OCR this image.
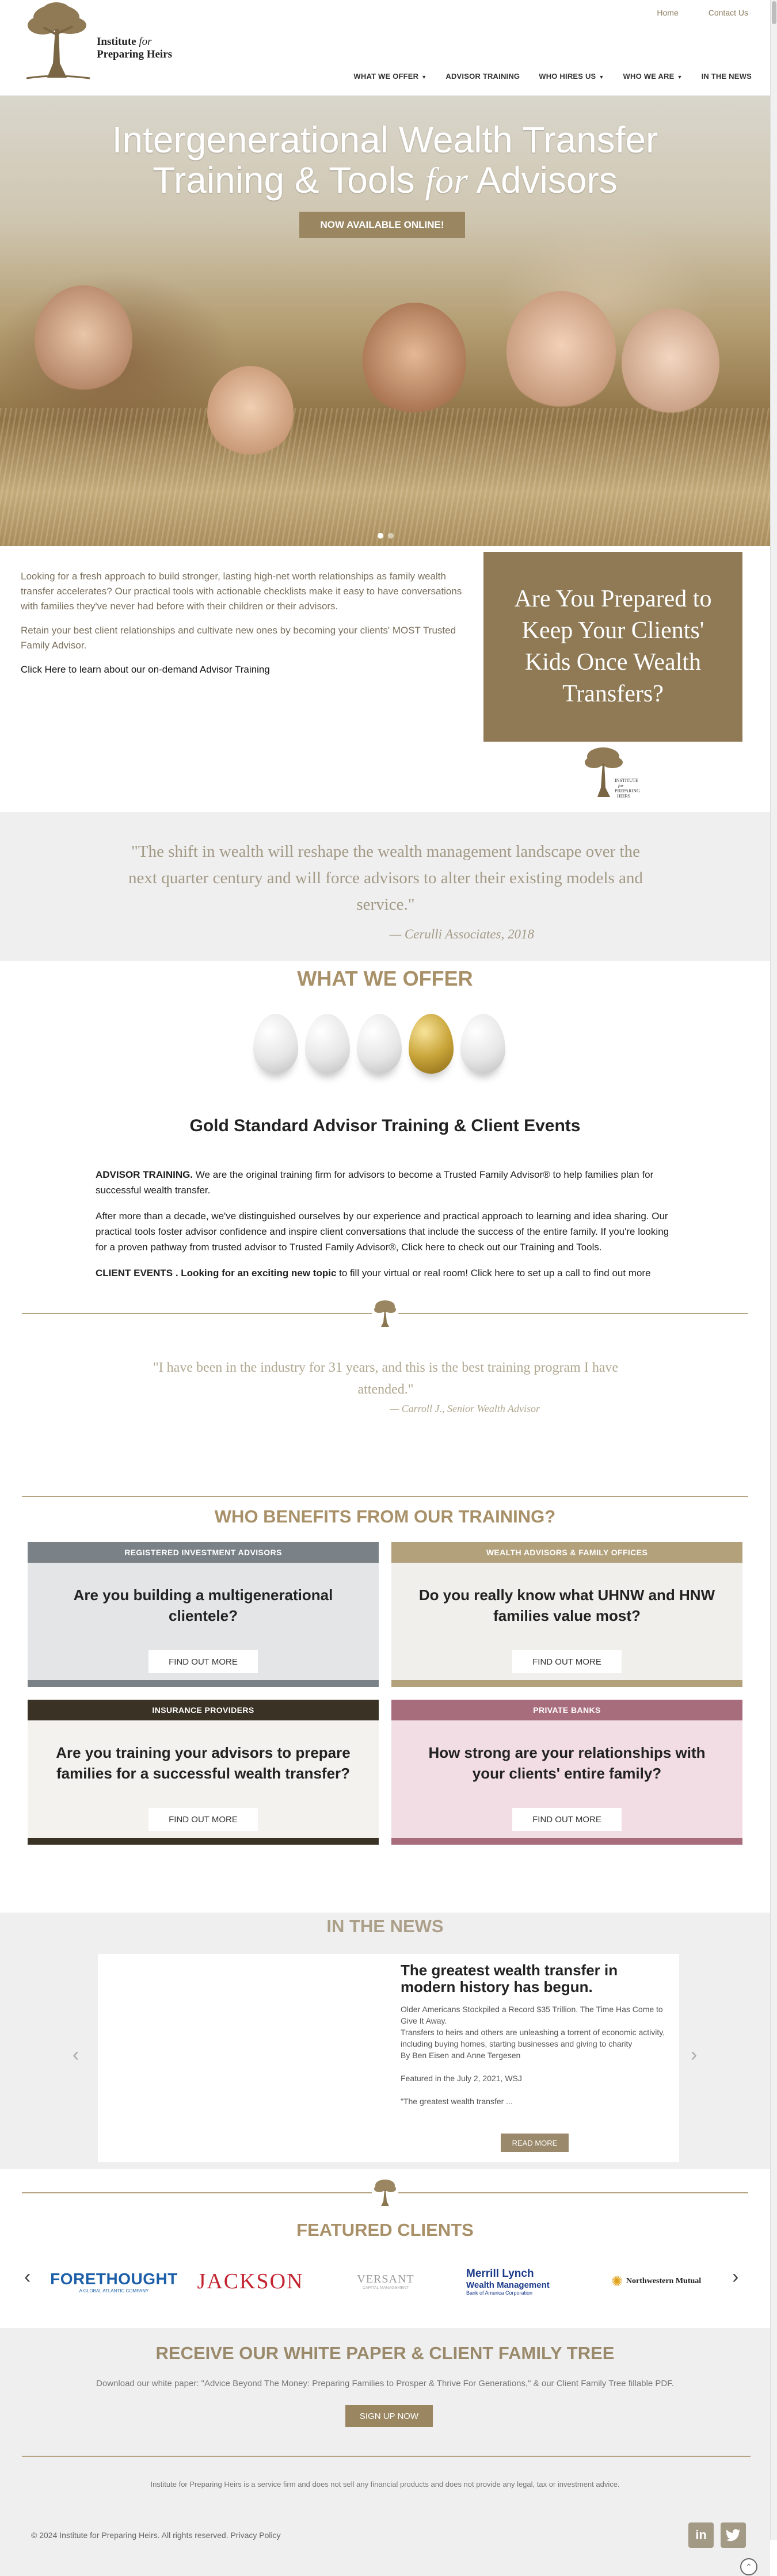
Institute for
Preparing Heirs
Home	Contact Us
WHAT WE OFFER ▼	ADVISOR TRAINING	WHO HIRES US ▼	WHO WE ARE ▼	IN THE NEWS
Intergenerational Wealth Transfer
Training & Tools for Advisors
NOW AVAILABLE ONLINE!

Looking for a fresh approach to build stronger, lasting high-net worth relationships as family wealth transfer accelerates? Our practical tools with actionable checklists make it easy to have conversations with families they've never had before with their children or their advisors.

Retain your best client relationships and cultivate new ones by becoming your clients' MOST Trusted Family Advisor.

Click Here to learn about our on-demand Advisor Training

Are You Prepared to Keep Your Clients' Kids Once Wealth Transfers?
INSTITUTE
for
PREPARING
HEIRS
"The shift in wealth will reshape the wealth management landscape over the next quarter century and will force advisors to alter their existing models and service."
— Cerulli Associates, 2018
WHAT WE OFFER
Gold Standard Advisor Training & Client Events

ADVISOR TRAINING. We are the original training firm for advisors to become a Trusted Family Advisor® to help families plan for successful wealth transfer.

After more than a decade, we've distinguished ourselves by our experience and practical approach to learning and idea sharing. Our practical tools foster advisor confidence and inspire client conversations that include the success of the entire family. If you're looking for a proven pathway from trusted advisor to Trusted Family Advisor®, Click here to check out our Training and Tools.

CLIENT EVENTS . Looking for an exciting new topic to fill your virtual or real room! Click here to set up a call to find out more

"I have been in the industry for 31 years, and this is the best training program I have attended."
— Carroll J., Senior Wealth Advisor
WHO BENEFITS FROM OUR TRAINING?
REGISTERED INVESTMENT ADVISORS
Are you building a multigenerational clientele?
FIND OUT MORE
WEALTH ADVISORS & FAMILY OFFICES
Do you really know what UHNW and HNW families value most?
FIND OUT MORE
INSURANCE PROVIDERS
Are you training your advisors to prepare families for a successful wealth transfer?
FIND OUT MORE
PRIVATE BANKS
How strong are your relationships with your clients' entire family?
FIND OUT MORE
IN THE NEWS
‹
The greatest wealth transfer in modern history has begun.

Older Americans Stockpiled a Record $35 Trillion. The Time Has Come to Give It Away.

Transfers to heirs and others are unleashing a torrent of economic activity, including buying homes, starting businesses and giving to charity

By Ben Eisen and Anne Tergesen

Featured in the July 2, 2021, WSJ

"The greatest wealth transfer ...

READ MORE
›
FEATURED CLIENTS
‹ FORETHOUGHT
A GLOBAL ATLANTIC COMPANY JACKSON	VERSANT
CAPITAL MANAGEMENT
Merrill Lynch
Wealth Management
Bank of America Corporation
✺ Northwestern Mutual ›
RECEIVE OUR WHITE PAPER & CLIENT FAMILY TREE
Download our white paper: "Advice Beyond The Money: Preparing Families to Prosper & Thrive For Generations," & our Client Family Tree fillable PDF.
SIGN UP NOW
Institute for Preparing Heirs is a service firm and does not sell any financial products and does not provide any legal, tax or investment advice.
© 2024 Institute for Preparing Heirs. All rights reserved. Privacy Policy	in
⌃
